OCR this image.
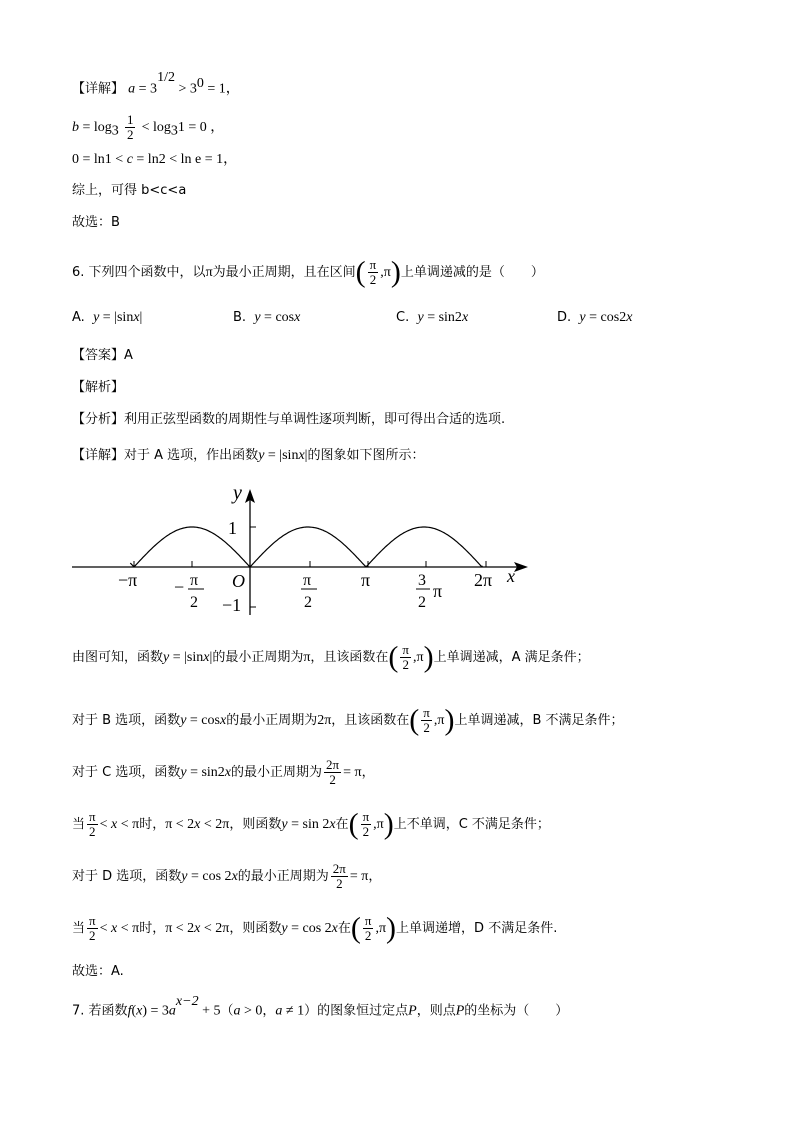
【详解】 $a = 3^{1/2} > 3^0 = 1$，
$b = \log_3 \frac{1}{2} < \log_31 = 0$ ，
0 = ln1 < c = ln2 < ln e = 1，
综上，可得 b<c<a
故选：B
6. 下列四个函数中，以π为最小正周期，且在区间( $\frac{\pi}{2} ,\pi$)上单调递减的是（　　）
A. y = |sinx|	B. y = cosx	C. y = sin2x	D. y = cos2x
【答案】A
【解析】
【分析】利用正弦型函数的周期性与单调性逐项判断，即可得出合适的选项.
【详解】对于 A 选项，作出函数y = |sinx|的图象如下图所示：
y
x
1
−1
O
−π − π
2
π
2
π	3
2
π
2π
由图可知，函数y = |sinx|的最小正周期为π，且该函数在( $\frac{\pi}{2} ,\pi$)上单调递减，A 满足条件；
对于 B 选项，函数y = cosx的最小正周期为2π，且该函数在( $\frac{\pi}{2} ,\pi$)上单调递减，B 不满足条件；
对于 C 选项，函数y = sin2x的最小正周期为 $\frac{2\pi}{2} = \pi$，
当 $\frac{\pi}{2} < x < \pi$时，π < 2x < 2π，则函数y = sin 2x在( $\frac{\pi}{2} ,\pi$)上不单调，C 不满足条件；
对于 D 选项，函数y = cos 2x的最小正周期为 $\frac{2\pi}{2} = \pi$，
当 $\frac{\pi}{2} < x < \pi$时，π < 2x < 2π，则函数y = cos 2x在( $\frac{\pi}{2} ,\pi$)上单调递增，D 不满足条件.
故选：A.
7. 若函数$f(x) = 3a^{x-2} + 5(a > 0$，a ≠ 1）的图象恒过定点P，则点P的坐标为（　　）
